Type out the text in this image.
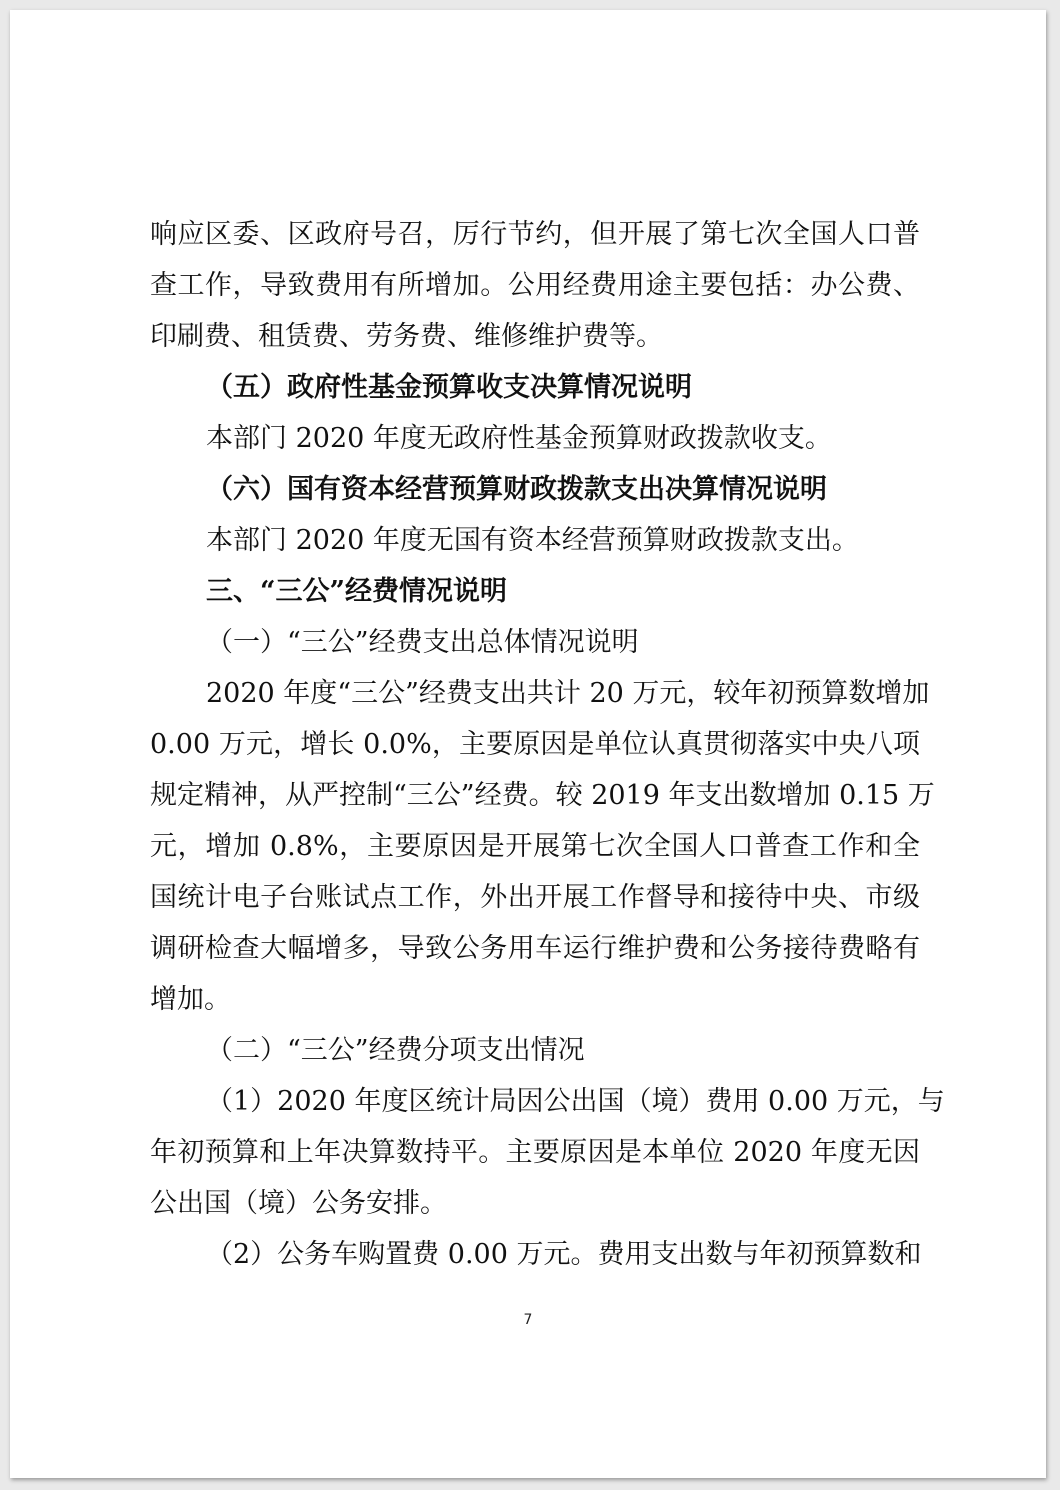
响应区委、区政府号召，厉行节约，但开展了第七次全国人口普
查工作，导致费用有所增加。公用经费用途主要包括：办公费、
印刷费、租赁费、劳务费、维修维护费等。
（五）政府性基金预算收支决算情况说明
本部门 2020 年度无政府性基金预算财政拨款收支。
（六）国有资本经营预算财政拨款支出决算情况说明
本部门 2020 年度无国有资本经营预算财政拨款支出。
三、“三公”经费情况说明
（一）“三公”经费支出总体情况说明
2020 年度“三公”经费支出共计 20 万元，较年初预算数增加
0.00 万元，增长 0.0%，主要原因是单位认真贯彻落实中央八项
规定精神，从严控制“三公”经费。较 2019 年支出数增加 0.15 万
元，增加 0.8%，主要原因是开展第七次全国人口普查工作和全
国统计电子台账试点工作，外出开展工作督导和接待中央、市级
调研检查大幅增多，导致公务用车运行维护费和公务接待费略有
增加。
（二）“三公”经费分项支出情况
（1）2020 年度区统计局因公出国（境）费用 0.00 万元，与
年初预算和上年决算数持平。主要原因是本单位 2020 年度无因
公出国（境）公务安排。
（2）公务车购置费 0.00 万元。费用支出数与年初预算数和
7
